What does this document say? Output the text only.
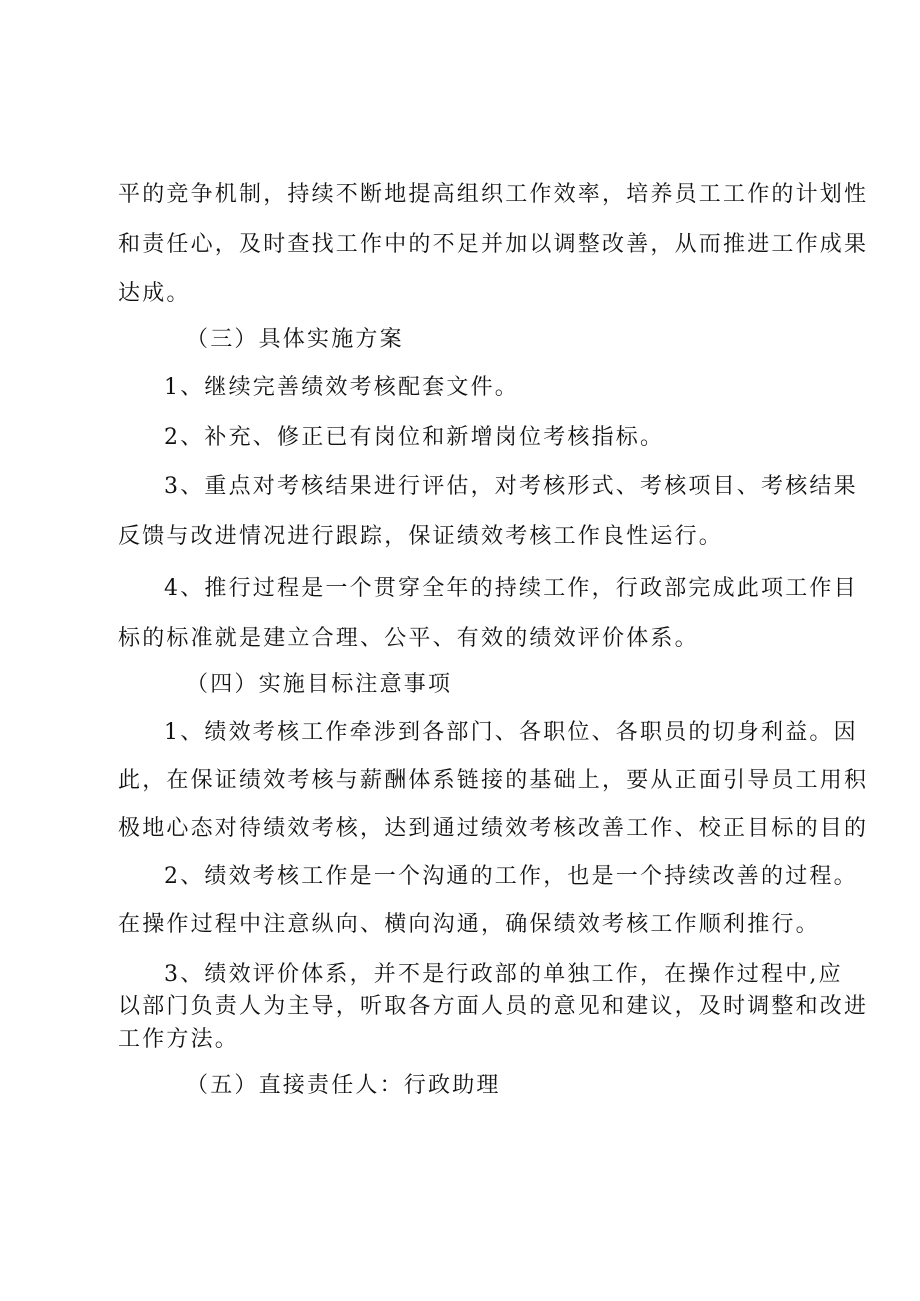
平的竞争机制，持续不断地提高组织工作效率，培养员工工作的计划性
和责任心，及时查找工作中的不足并加以调整改善，从而推进工作成果
达成。
（三）具体实施方案
1、继续完善绩效考核配套文件。
2、补充、修正已有岗位和新增岗位考核指标。
3、重点对考核结果进行评估，对考核形式、考核项目、考核结果
反馈与改进情况进行跟踪，保证绩效考核工作良性运行。
4、推行过程是一个贯穿全年的持续工作，行政部完成此项工作目
标的标准就是建立合理、公平、有效的绩效评价体系。
（四）实施目标注意事项
1、绩效考核工作牵涉到各部门、各职位、各职员的切身利益。因
此，在保证绩效考核与薪酬体系链接的基础上，要从正面引导员工用积
极地心态对待绩效考核，达到通过绩效考核改善工作、校正目标的目的
2、绩效考核工作是一个沟通的工作，也是一个持续改善的过程。
在操作过程中注意纵向、横向沟通，确保绩效考核工作顺利推行。
3、绩效评价体系，并不是行政部的单独工作，在操作过程中,应
以部门负责人为主导，听取各方面人员的意见和建议，及时调整和改进
工作方法。
（五）直接责任人：行政助理
